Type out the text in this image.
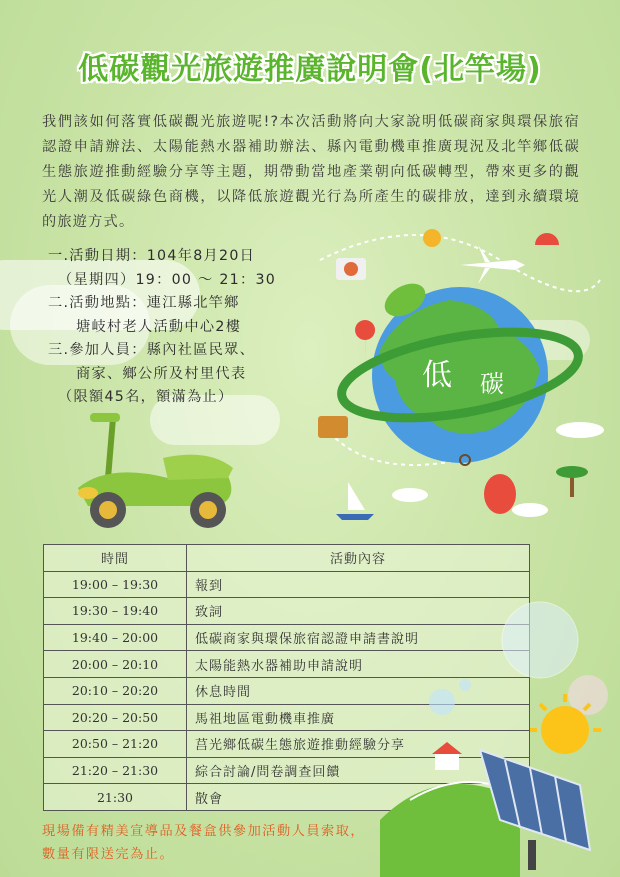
低碳觀光旅遊推廣說明會(北竿場)
我們該如何落實低碳觀光旅遊呢!?本次活動將向大家說明低碳商家與環保旅宿認證申請辦法、太陽能熱水器補助辦法、縣內電動機車推廣現況及北竿鄉低碳生態旅遊推動經驗分享等主題，期帶動當地產業朝向低碳轉型，帶來更多的觀光人潮及低碳綠色商機，以降低旅遊觀光行為所產生的碳排放，達到永續環境的旅遊方式。
一.活動日期：104年8月20日
（星期四）19：00 ～ 21：30
二.活動地點：連江縣北竿鄉
塘岐村老人活動中心2樓
三.參加人員：縣內社區民眾、
商家、鄉公所及村里代表
（限額45名，額滿為止）
低 碳
時間	活動內容
19:00 – 19:30	報到
19:30 – 19:40	致詞
19:40 – 20:00	低碳商家與環保旅宿認證申請書說明
20:00 – 20:10	太陽能熱水器補助申請說明
20:10 – 20:20	休息時間
20:20 – 20:50	馬祖地區電動機車推廣
20:50 – 21:20	莒光鄉低碳生態旅遊推動經驗分享
21:20 – 21:30	綜合討論/問卷調查回饋
21:30	散會
現場備有精美宣導品及餐盒供參加活動人員索取，
數量有限送完為止。
